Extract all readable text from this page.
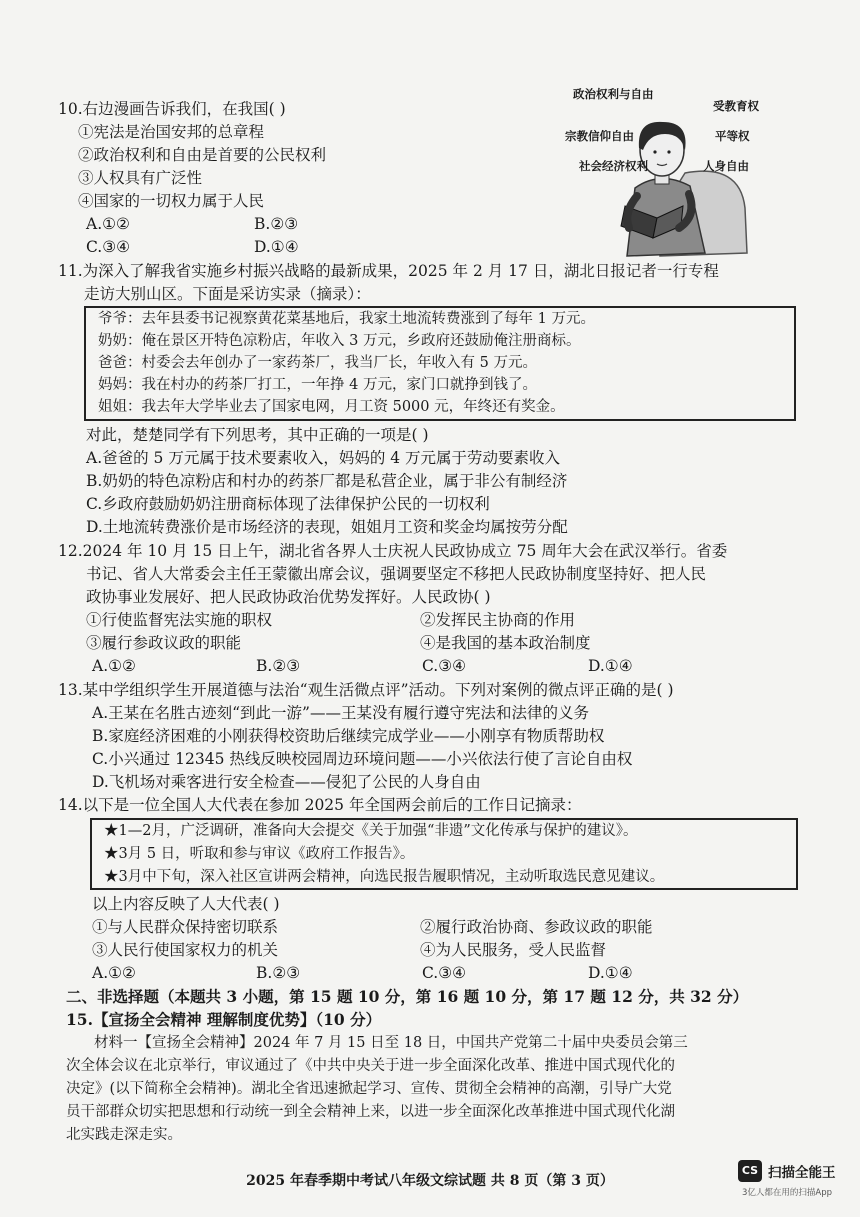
10.右边漫画告诉我们，在我国( )
①宪法是治国安邦的总章程
②政治权利和自由是首要的公民权利
③人权具有广泛性
④国家的一切权力属于人民
A.①②	B.②③
C.③④	D.①④
政治权利与自由
受教育权
宗教信仰自由	平等权
社会经济权利	人身自由
11.为深入了解我省实施乡村振兴战略的最新成果，2025 年 2 月 17 日，湖北日报记者一行专程
走访大别山区。下面是采访实录（摘录）：
爷爷：去年县委书记视察黄花菜基地后，我家土地流转费涨到了每年 1 万元。
奶奶：俺在景区开特色凉粉店，年收入 3 万元，乡政府还鼓励俺注册商标。
爸爸：村委会去年创办了一家药茶厂，我当厂长，年收入有 5 万元。
妈妈：我在村办的药茶厂打工，一年挣 4 万元，家门口就挣到钱了。
姐姐：我去年大学毕业去了国家电网，月工资 5000 元，年终还有奖金。
对此，楚楚同学有下列思考，其中正确的一项是( )
A.爸爸的 5 万元属于技术要素收入，妈妈的 4 万元属于劳动要素收入
B.奶奶的特色凉粉店和村办的药茶厂都是私营企业，属于非公有制经济
C.乡政府鼓励奶奶注册商标体现了法律保护公民的一切权利
D.土地流转费涨价是市场经济的表现，姐姐月工资和奖金均属按劳分配
12.2024 年 10 月 15 日上午，湖北省各界人士庆祝人民政协成立 75 周年大会在武汉举行。省委
书记、省人大常委会主任王蒙徽出席会议，强调要坚定不移把人民政协制度坚持好、把人民
政协事业发展好、把人民政协政治优势发挥好。人民政协( )
①行使监督宪法实施的职权	②发挥民主协商的作用
③履行参政议政的职能	④是我国的基本政治制度
A.①②	B.②③	C.③④	D.①④
13.某中学组织学生开展道德与法治“观生活微点评”活动。下列对案例的微点评正确的是( )
A.王某在名胜古迹刻“到此一游”——王某没有履行遵守宪法和法律的义务
B.家庭经济困难的小刚获得校资助后继续完成学业——小刚享有物质帮助权
C.小兴通过 12345 热线反映校园周边环境问题——小兴依法行使了言论自由权
D.飞机场对乘客进行安全检查——侵犯了公民的人身自由
14.以下是一位全国人大代表在参加 2025 年全国两会前后的工作日记摘录：
★1—2月，广泛调研，准备向大会提交《关于加强“非遗”文化传承与保护的建议》。
★3月 5 日，听取和参与审议《政府工作报告》。
★3月中下旬，深入社区宣讲两会精神，向选民报告履职情况，主动听取选民意见建议。
以上内容反映了人大代表( )
①与人民群众保持密切联系	②履行政治协商、参政议政的职能
③人民行使国家权力的机关	④为人民服务，受人民监督
A.①②	B.②③	C.③④	D.①④
二、非选择题（本题共 3 小题，第 15 题 10 分，第 16 题 10 分，第 17 题 12 分，共 32 分）
15.【宣扬全会精神 理解制度优势】（10 分）
材料一【宣扬全会精神】2024 年 7 月 15 日至 18 日，中国共产党第二十届中央委员会第三
次全体会议在北京举行，审议通过了《中共中央关于进一步全面深化改革、推进中国式现代化的
决定》(以下简称全会精神)。湖北全省迅速掀起学习、宣传、贯彻全会精神的高潮，引导广大党
员干部群众切实把思想和行动统一到全会精神上来，以进一步全面深化改革推进中国式现代化湖
北实践走深走实。
2025 年春季期中考试八年级文综试题 共 8 页（第 3 页）
CS 扫描全能王
3亿人都在用的扫描App
